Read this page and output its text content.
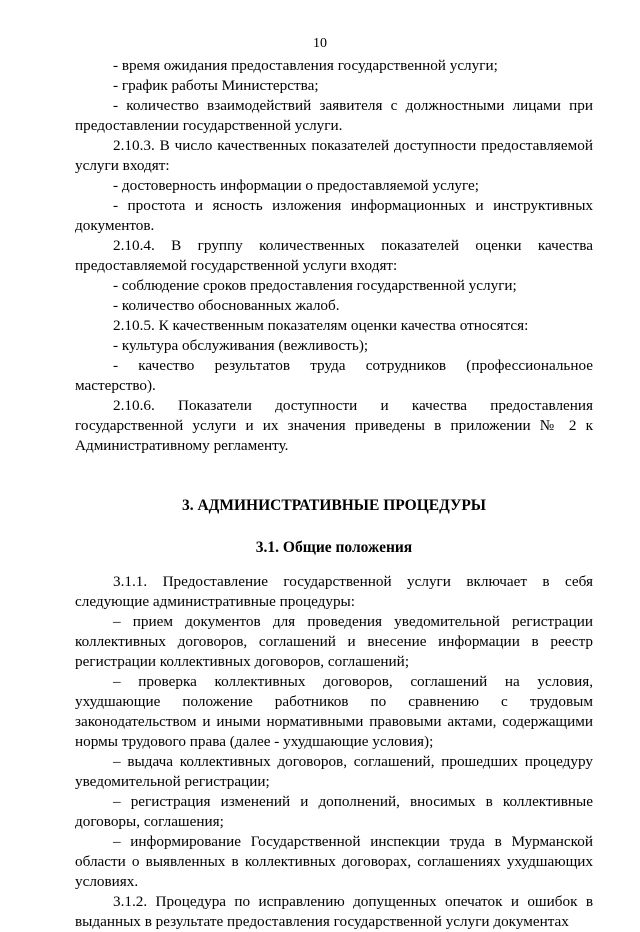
10

- время ожидания предоставления государственной услуги;

- график работы Министерства;

- количество взаимодействий заявителя с должностными лицами при предоставлении государственной услуги.

2.10.3. В число качественных показателей доступности предоставляемой услуги входят:

- достоверность информации о предоставляемой услуге;

- простота и ясность изложения информационных и инструктивных документов.

2.10.4. В группу количественных показателей оценки качества предоставляемой государственной услуги входят:

- соблюдение сроков предоставления государственной услуги;

- количество обоснованных жалоб.

2.10.5. К качественным показателям оценки качества относятся:

- культура обслуживания (вежливость);

- качество результатов труда сотрудников (профессиональное мастерство).

2.10.6. Показатели доступности и качества предоставления государственной услуги и их значения приведены в приложении № 2 к Административному регламенту.

3. АДМИНИСТРАТИВНЫЕ ПРОЦЕДУРЫ

3.1. Общие положения

3.1.1. Предоставление государственной услуги включает в себя следующие административные процедуры:

– прием документов для проведения уведомительной регистрации коллективных договоров, соглашений и внесение информации в реестр регистрации коллективных договоров, соглашений;

– проверка коллективных договоров, соглашений на условия, ухудшающие положение работников по сравнению с трудовым законодательством и иными нормативными правовыми актами, содержащими нормы трудового права (далее - ухудшающие условия);

– выдача коллективных договоров, соглашений, прошедших процедуру уведомительной регистрации;

– регистрация изменений и дополнений, вносимых в коллективные договоры, соглашения;

– информирование Государственной инспекции труда в Мурманской области о выявленных в коллективных договорах, соглашениях ухудшающих условиях.

3.1.2. Процедура по исправлению допущенных опечаток и ошибок в выданных в результате предоставления государственной услуги документах
